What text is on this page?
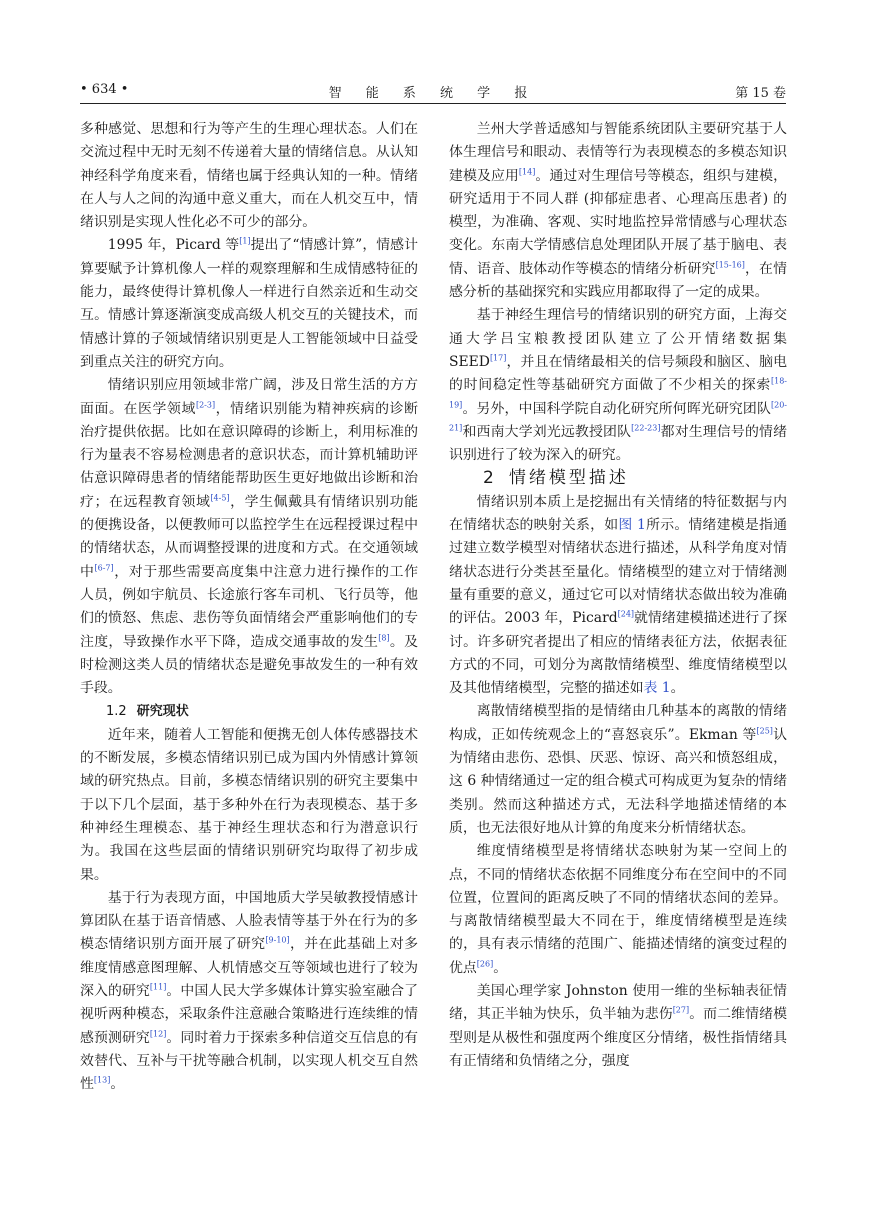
• 634 •	智 能 系 统 学 报	第 15 卷

多种感觉、思想和行为等产生的生理心理状态。人们在交流过程中无时无刻不传递着大量的情绪信息。从认知神经科学角度来看，情绪也属于经典认知的一种。情绪在人与人之间的沟通中意义重大，而在人机交互中，情绪识别是实现人性化必不可少的部分。

1995 年，Picard 等[1]提出了“情感计算”，情感计算要赋予计算机像人一样的观察理解和生成情感特征的能力，最终使得计算机像人一样进行自然亲近和生动交互。情感计算逐渐演变成高级人机交互的关键技术，而情感计算的子领域情绪识别更是人工智能领域中日益受到重点关注的研究方向。

情绪识别应用领域非常广阔，涉及日常生活的方方面面。在医学领域[2-3]，情绪识别能为精神疾病的诊断治疗提供依据。比如在意识障碍的诊断上，利用标准的行为量表不容易检测患者的意识状态，而计算机辅助评估意识障碍患者的情绪能帮助医生更好地做出诊断和治疗；在远程教育领域[4-5]，学生佩戴具有情绪识别功能的便携设备，以便教师可以监控学生在远程授课过程中的情绪状态，从而调整授课的进度和方式。在交通领域中[6-7]，对于那些需要高度集中注意力进行操作的工作人员，例如宇航员、长途旅行客车司机、飞行员等，他们的愤怒、焦虑、悲伤等负面情绪会严重影响他们的专注度，导致操作水平下降，造成交通事故的发生[8]。及时检测这类人员的情绪状态是避免事故发生的一种有效手段。

1.2 研究现状

近年来，随着人工智能和便携无创人体传感器技术的不断发展，多模态情绪识别已成为国内外情感计算领域的研究热点。目前，多模态情绪识别的研究主要集中于以下几个层面，基于多种外在行为表现模态、基于多种神经生理模态、基于神经生理状态和行为潜意识行为。我国在这些层面的情绪识别研究均取得了初步成果。

基于行为表现方面，中国地质大学吴敏教授情感计算团队在基于语音情感、人脸表情等基于外在行为的多模态情绪识别方面开展了研究[9-10]，并在此基础上对多维度情感意图理解、人机情感交互等领域也进行了较为深入的研究[11]。中国人民大学多媒体计算实验室融合了视听两种模态，采取条件注意融合策略进行连续维的情感预测研究[12]。同时着力于探索多种信道交互信息的有效替代、互补与干扰等融合机制，以实现人机交互自然性[13]。

兰州大学普适感知与智能系统团队主要研究基于人体生理信号和眼动、表情等行为表现模态的多模态知识建模及应用[14]。通过对生理信号等模态，组织与建模，研究适用于不同人群 (抑郁症患者、心理高压患者) 的模型，为准确、客观、实时地监控异常情感与心理状态变化。东南大学情感信息处理团队开展了基于脑电、表情、语音、肢体动作等模态的情绪分析研究[15-16]，在情感分析的基础探究和实践应用都取得了一定的成果。

基于神经生理信号的情绪识别的研究方面，上海交通大学吕宝粮教授团队建立了公开情绪数据集 SEED[17]，并且在情绪最相关的信号频段和脑区、脑电的时间稳定性等基础研究方面做了不少相关的探索[18-19]。另外，中国科学院自动化研究所何晖光研究团队[20-21]和西南大学刘光远教授团队[22-23]都对生理信号的情绪识别进行了较为深入的研究。

2 情绪模型描述

情绪识别本质上是挖掘出有关情绪的特征数据与内在情绪状态的映射关系，如图 1所示。情绪建模是指通过建立数学模型对情绪状态进行描述，从科学角度对情绪状态进行分类甚至量化。情绪模型的建立对于情绪测量有重要的意义，通过它可以对情绪状态做出较为准确的评估。2003 年，Picard[24]就情绪建模描述进行了探讨。许多研究者提出了相应的情绪表征方法，依据表征方式的不同，可划分为离散情绪模型、维度情绪模型以及其他情绪模型，完整的描述如表 1。

离散情绪模型指的是情绪由几种基本的离散的情绪构成，正如传统观念上的“喜怒哀乐”。Ekman 等[25]认为情绪由悲伤、恐惧、厌恶、惊讶、高兴和愤怒组成，这 6 种情绪通过一定的组合模式可构成更为复杂的情绪类别。然而这种描述方式，无法科学地描述情绪的本质，也无法很好地从计算的角度来分析情绪状态。

维度情绪模型是将情绪状态映射为某一空间上的点，不同的情绪状态依据不同维度分布在空间中的不同位置，位置间的距离反映了不同的情绪状态间的差异。与离散情绪模型最大不同在于，维度情绪模型是连续的，具有表示情绪的范围广、能描述情绪的演变过程的优点[26]。

美国心理学家 Johnston 使用一维的坐标轴表征情绪，其正半轴为快乐，负半轴为悲伤[27]。而二维情绪模型则是从极性和强度两个维度区分情绪，极性指情绪具有正情绪和负情绪之分，强度
